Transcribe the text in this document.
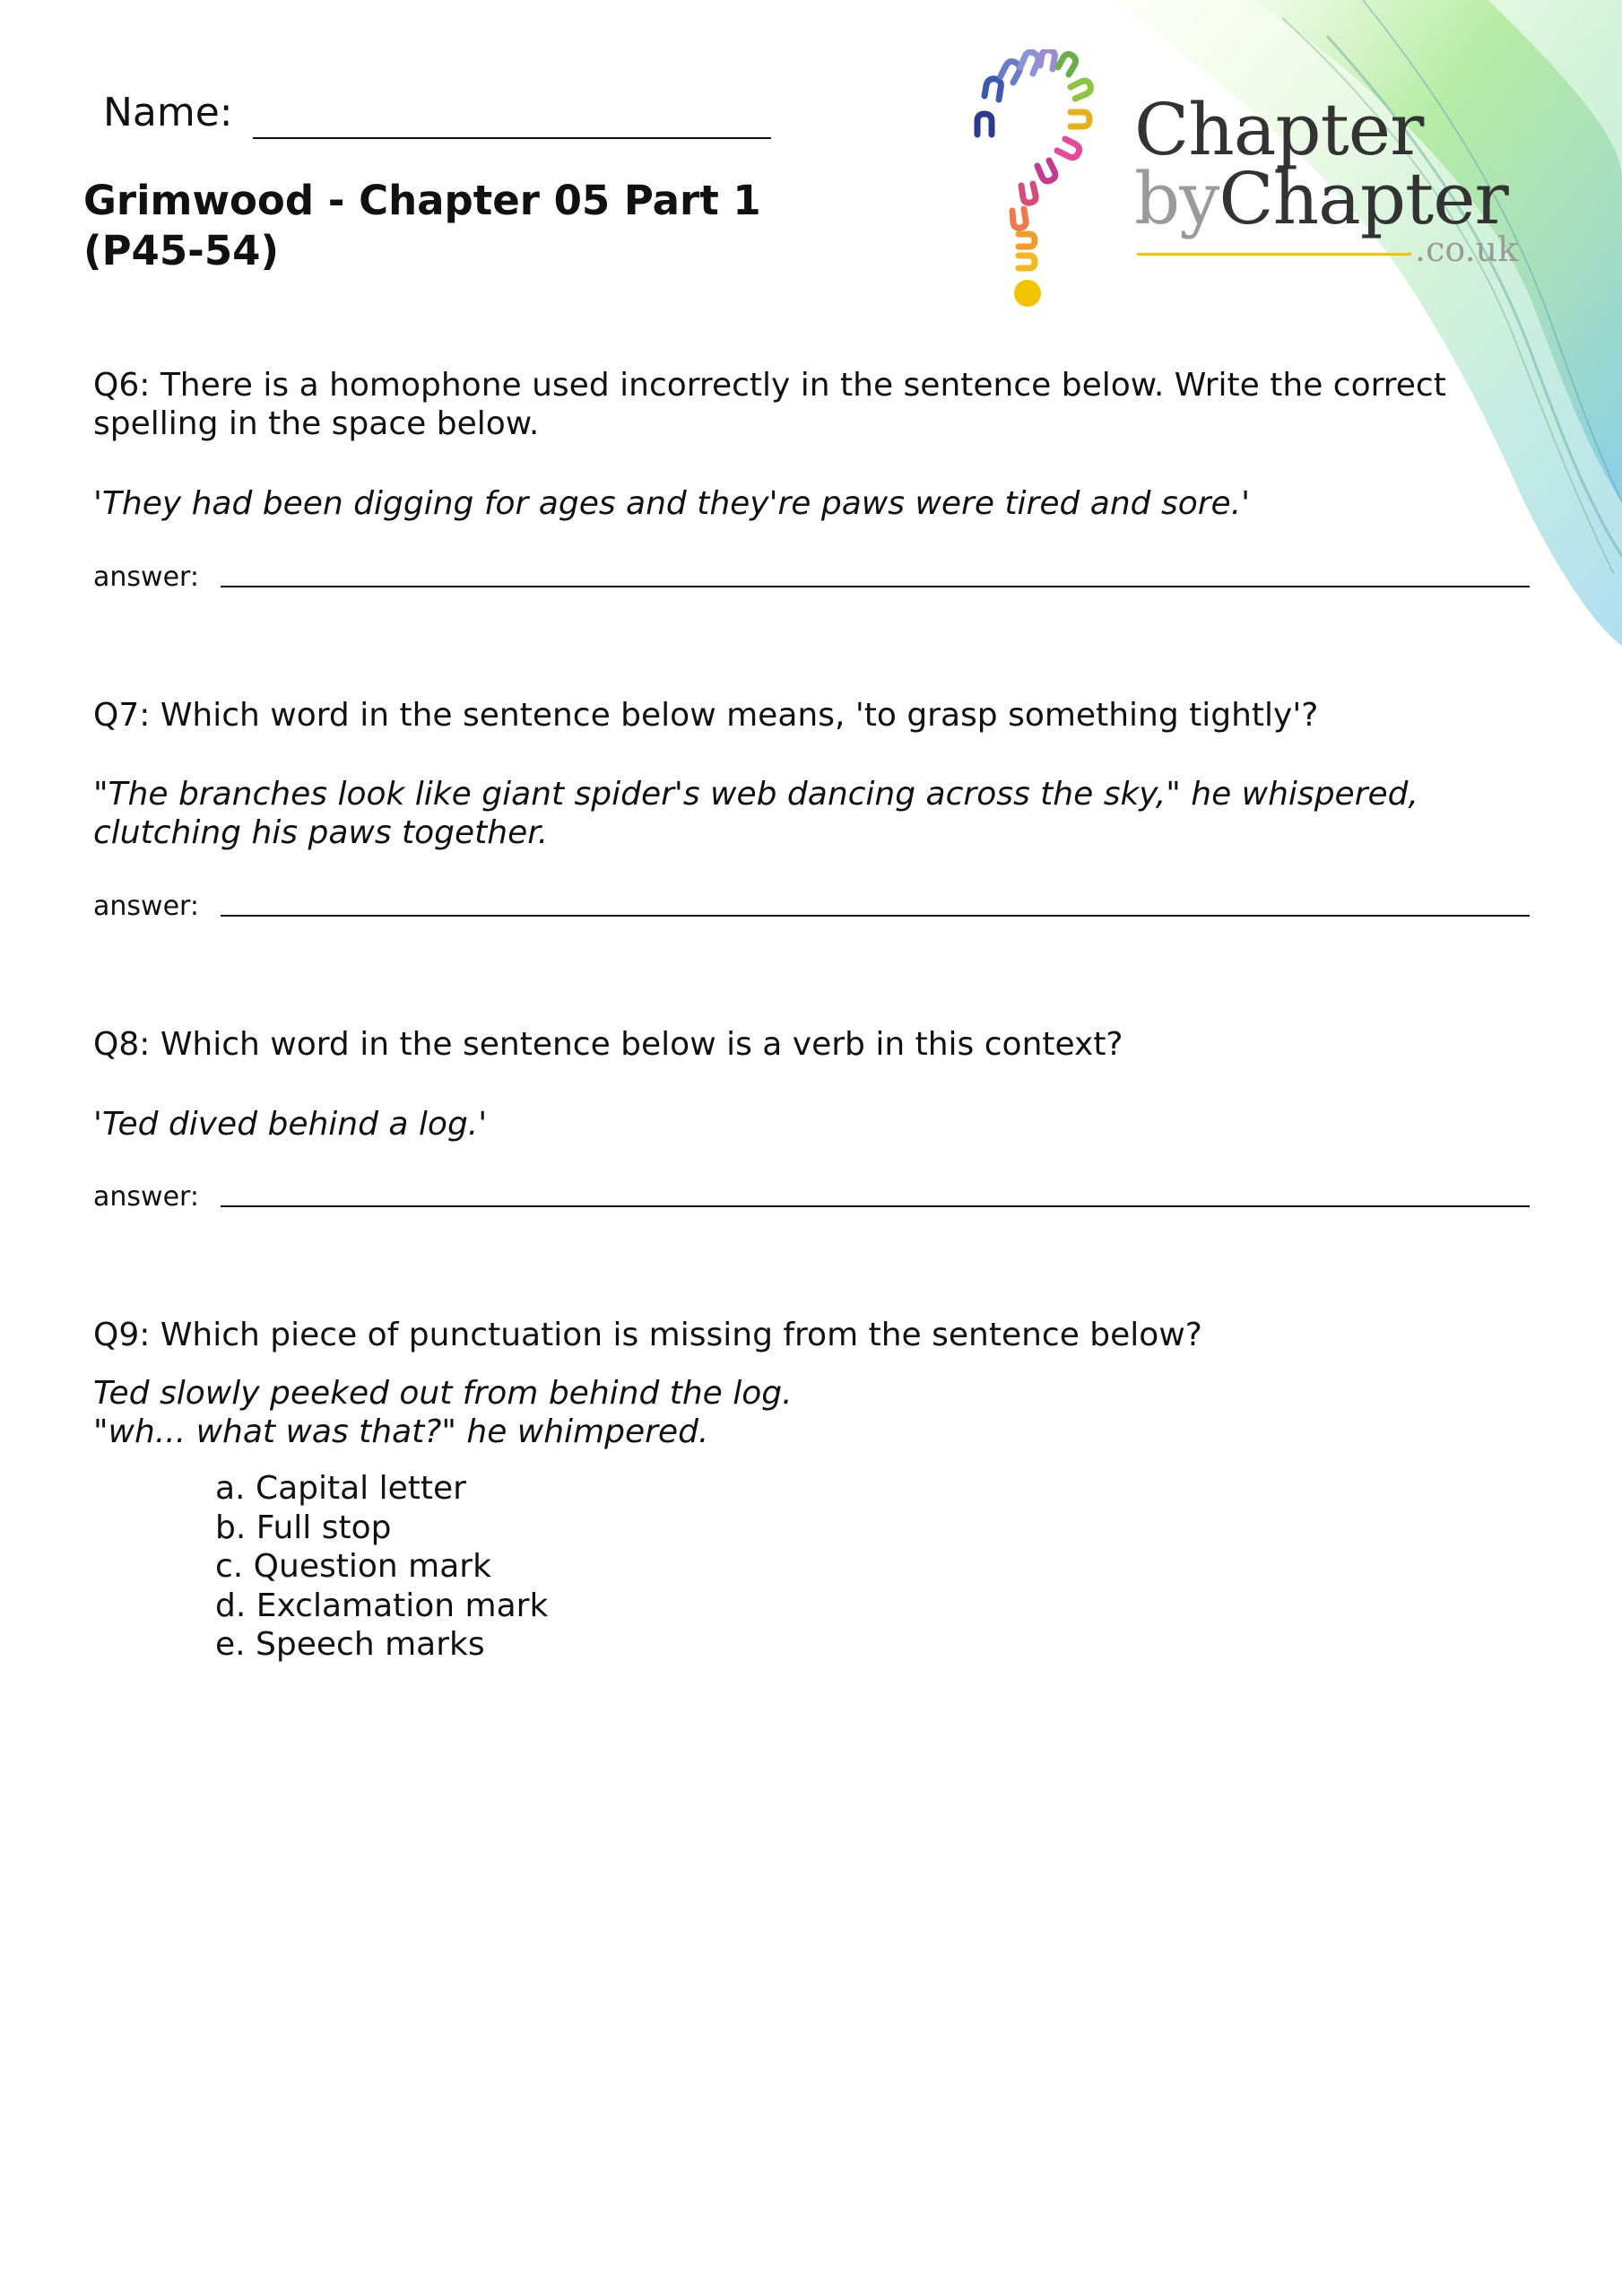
Name:
Grimwood - Chapter 05 Part 1
(P45-54)
Chapter
byChapter
.co.uk
Q6: There is a homophone used incorrectly in the sentence below. Write the correct
spelling in the space below.
'They had been digging for ages and they're paws were tired and sore.'
answer:
Q7: Which word in the sentence below means, 'to grasp something tightly'?
"The branches look like giant spider's web dancing across the sky," he whispered,
clutching his paws together.
answer:
Q8: Which word in the sentence below is a verb in this context?
'Ted dived behind a log.'
answer:
Q9: Which piece of punctuation is missing from the sentence below?
Ted slowly peeked out from behind the log.
"wh... what was that?" he whimpered.
a. Capital letter
b. Full stop
c. Question mark
d. Exclamation mark
e. Speech marks
